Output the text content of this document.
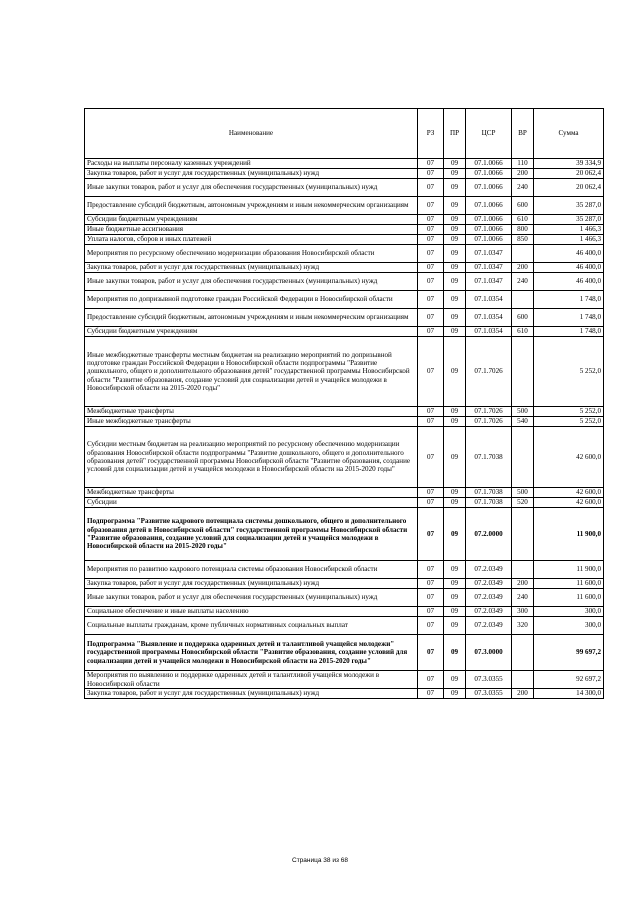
Наименование	РЗ	ПР	ЦСР	ВР	Сумма
Расходы на выплаты персоналу казенных учреждений	07	09	07.1.0066	110	39 334,9
Закупка товаров, работ и услуг для государственных (муниципальных) нужд	07	09	07.1.0066	200	20 062,4
Иные закупки товаров, работ и услуг для обеспечения государственных (муниципальных) нужд	07	09	07.1.0066	240	20 062,4
Предоставление субсидий бюджетным, автономным учреждениям и иным некоммерческим организациям	07	09	07.1.0066	600	35 287,0
Субсидии бюджетным учреждениям	07	09	07.1.0066	610	35 287,0
Иные бюджетные ассигнования	07	09	07.1.0066	800	1 466,3
Уплата налогов, сборов и иных платежей	07	09	07.1.0066	850	1 466,3
Мероприятия по ресурсному обеспечению модернизации образования Новосибирской области	07	09	07.1.0347		46 400,0
Закупка товаров, работ и услуг для государственных (муниципальных) нужд	07	09	07.1.0347	200	46 400,0
Иные закупки товаров, работ и услуг для обеспечения государственных (муниципальных) нужд	07	09	07.1.0347	240	46 400,0
Мероприятия по допризывной подготовке граждан Российской Федерации в Новосибирской области	07	09	07.1.0354		1 748,0
Предоставление субсидий бюджетным, автономным учреждениям и иным некоммерческим организациям	07	09	07.1.0354	600	1 748,0
Субсидии бюджетным учреждениям	07	09	07.1.0354	610	1 748,0
Иные межбюджетные трансферты местным бюджетам на реализацию мероприятий по допризывной подготовке граждан Российской Федерации в Новосибирской области подпрограммы "Развитие дошкольного, общего и дополнительного образования детей" государственной программы Новосибирской области "Развитие образования, создание условий для социализации детей и учащейся молодежи в Новосибирской области на 2015-2020 годы"	07	09	07.1.7026		5 252,0
Межбюджетные трансферты	07	09	07.1.7026	500	5 252,0
Иные межбюджетные трансферты	07	09	07.1.7026	540	5 252,0
Субсидии местным бюджетам на реализацию мероприятий по ресурсному обеспечению модернизации образования Новосибирской области подпрограммы "Развитие дошкольного, общего и дополнительного образования детей" государственной программы Новосибирской области "Развитие образования, создание условий для социализации детей и учащейся молодежи в Новосибирской области на 2015-2020 годы"	07	09	07.1.7038		42 600,0
Межбюджетные трансферты	07	09	07.1.7038	500	42 600,0
Субсидии	07	09	07.1.7038	520	42 600,0
Подпрограмма "Развитие кадрового потенциала системы дошкольного, общего и дополнительного образования детей в Новосибирской области" государственной программы Новосибирской области "Развитие образования, создание условий для социализации детей и учащейся молодежи в Новосибирской области на 2015-2020 годы"	07	09	07.2.0000		11 900,0
Мероприятия по развитию кадрового потенциала системы образования Новосибирской области	07	09	07.2.0349		11 900,0
Закупка товаров, работ и услуг для государственных (муниципальных) нужд	07	09	07.2.0349	200	11 600,0
Иные закупки товаров, работ и услуг для обеспечения государственных (муниципальных) нужд	07	09	07.2.0349	240	11 600,0
Социальное обеспечение и иные выплаты населению	07	09	07.2.0349	300	300,0
Социальные выплаты гражданам, кроме публичных нормативных социальных выплат	07	09	07.2.0349	320	300,0
Подпрограмма "Выявление и поддержка одаренных детей и талантливой учащейся молодежи" государственной программы Новосибирской области "Развитие образования, создание условий для социализации детей и учащейся молодежи в Новосибирской области на 2015-2020 годы"	07	09	07.3.0000		99 697,2
Мероприятия по выявлению и поддержке одаренных детей и талантливой учащейся молодежи в Новосибирской области	07	09	07.3.0355		92 697,2
Закупка товаров, работ и услуг для государственных (муниципальных) нужд	07	09	07.3.0355	200	14 300,0
Страница 38 из 68
